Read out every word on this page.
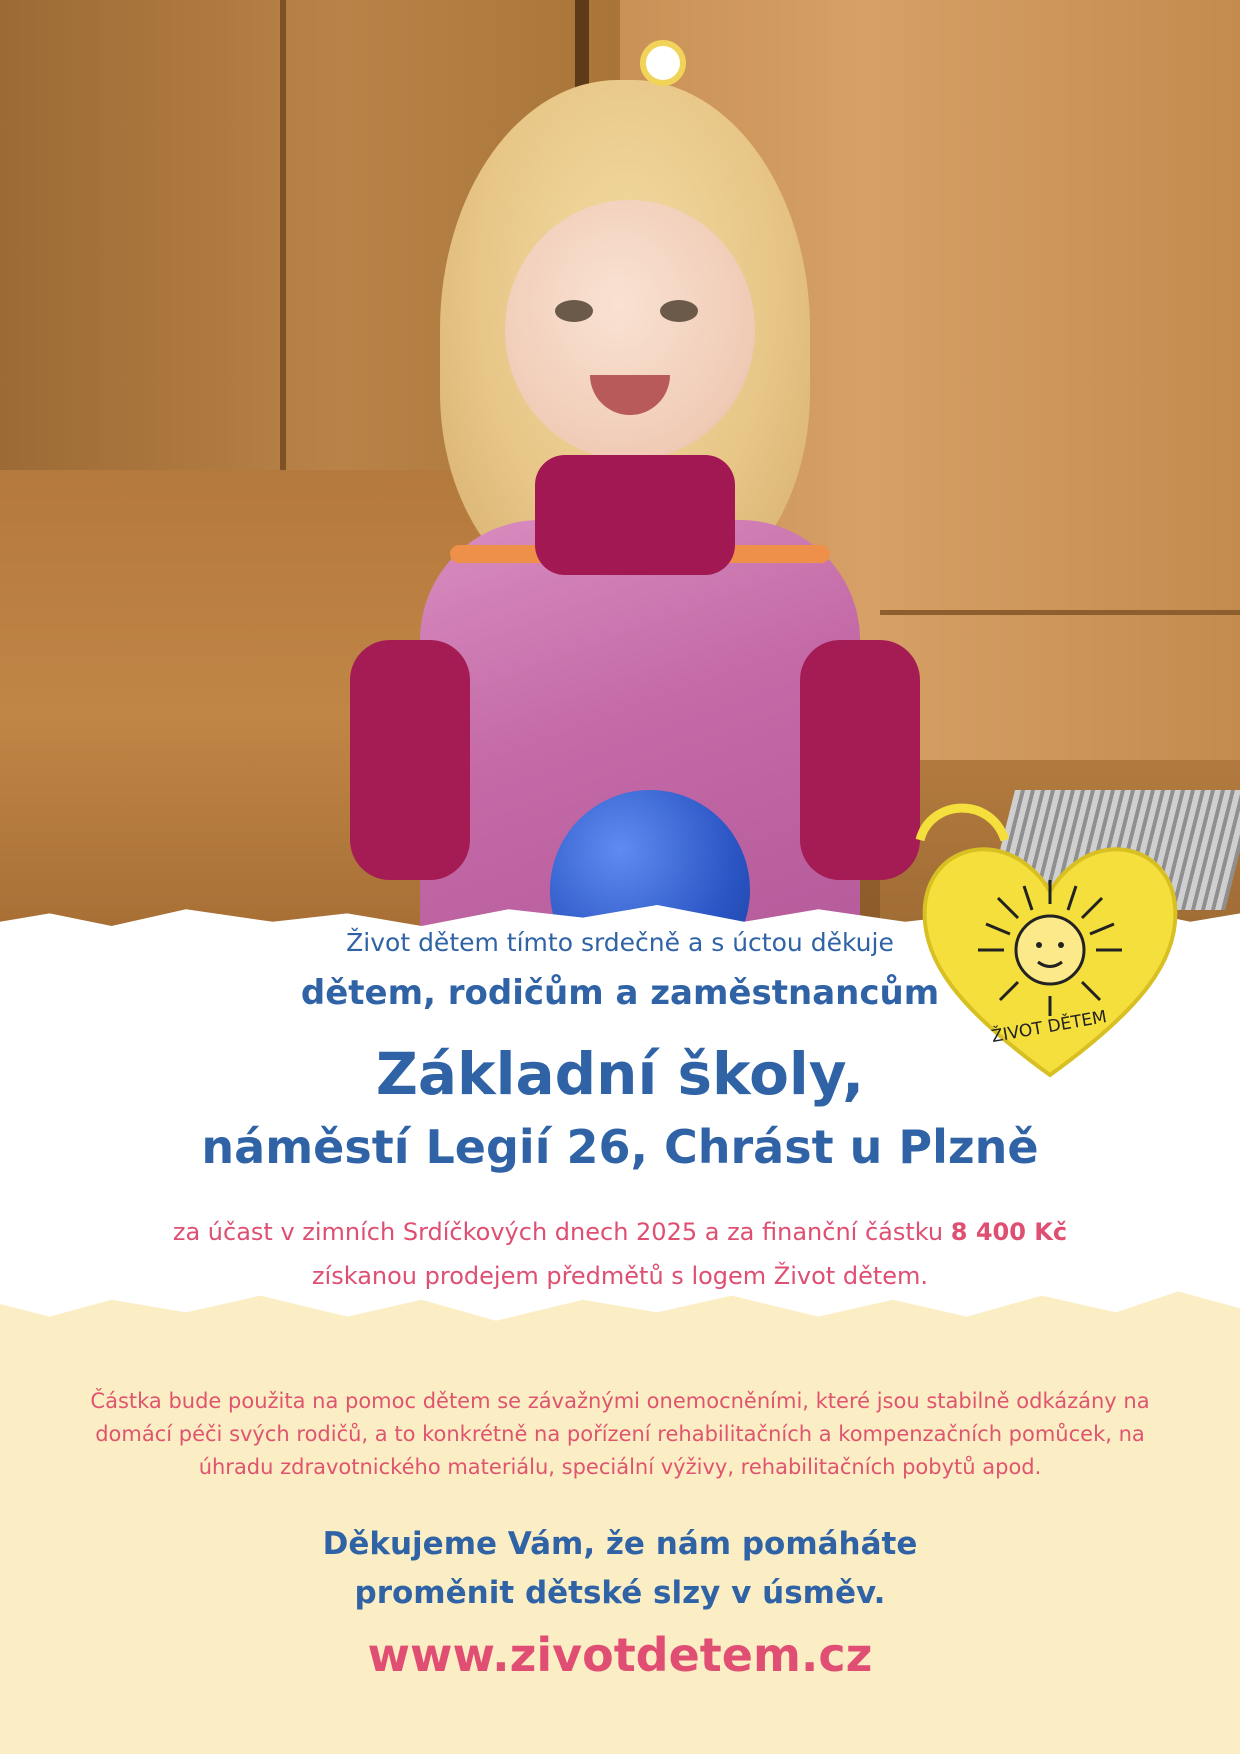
ŽIVOT DĚTEM

Život dětem tímto srdečně a s úctou děkuje

dětem, rodičům a zaměstnancům

Základní školy,

náměstí Legií 26, Chrást u Plzně

za účast v zimních Srdíčkových dnech 2025 a za finanční částku 8 400 Kč

získanou prodejem předmětů s logem Život dětem.

Částka bude použita na pomoc dětem se závažnými onemocněními, které jsou stabilně odkázány na domácí péči svých rodičů, a to konkrétně na pořízení rehabilitačních a kompenzačních pomůcek, na úhradu zdravotnického materiálu, speciální výživy, rehabilitačních pobytů apod.

Děkujeme Vám, že nám pomáháte
proměnit dětské slzy v úsměv.

www.zivotdetem.cz
